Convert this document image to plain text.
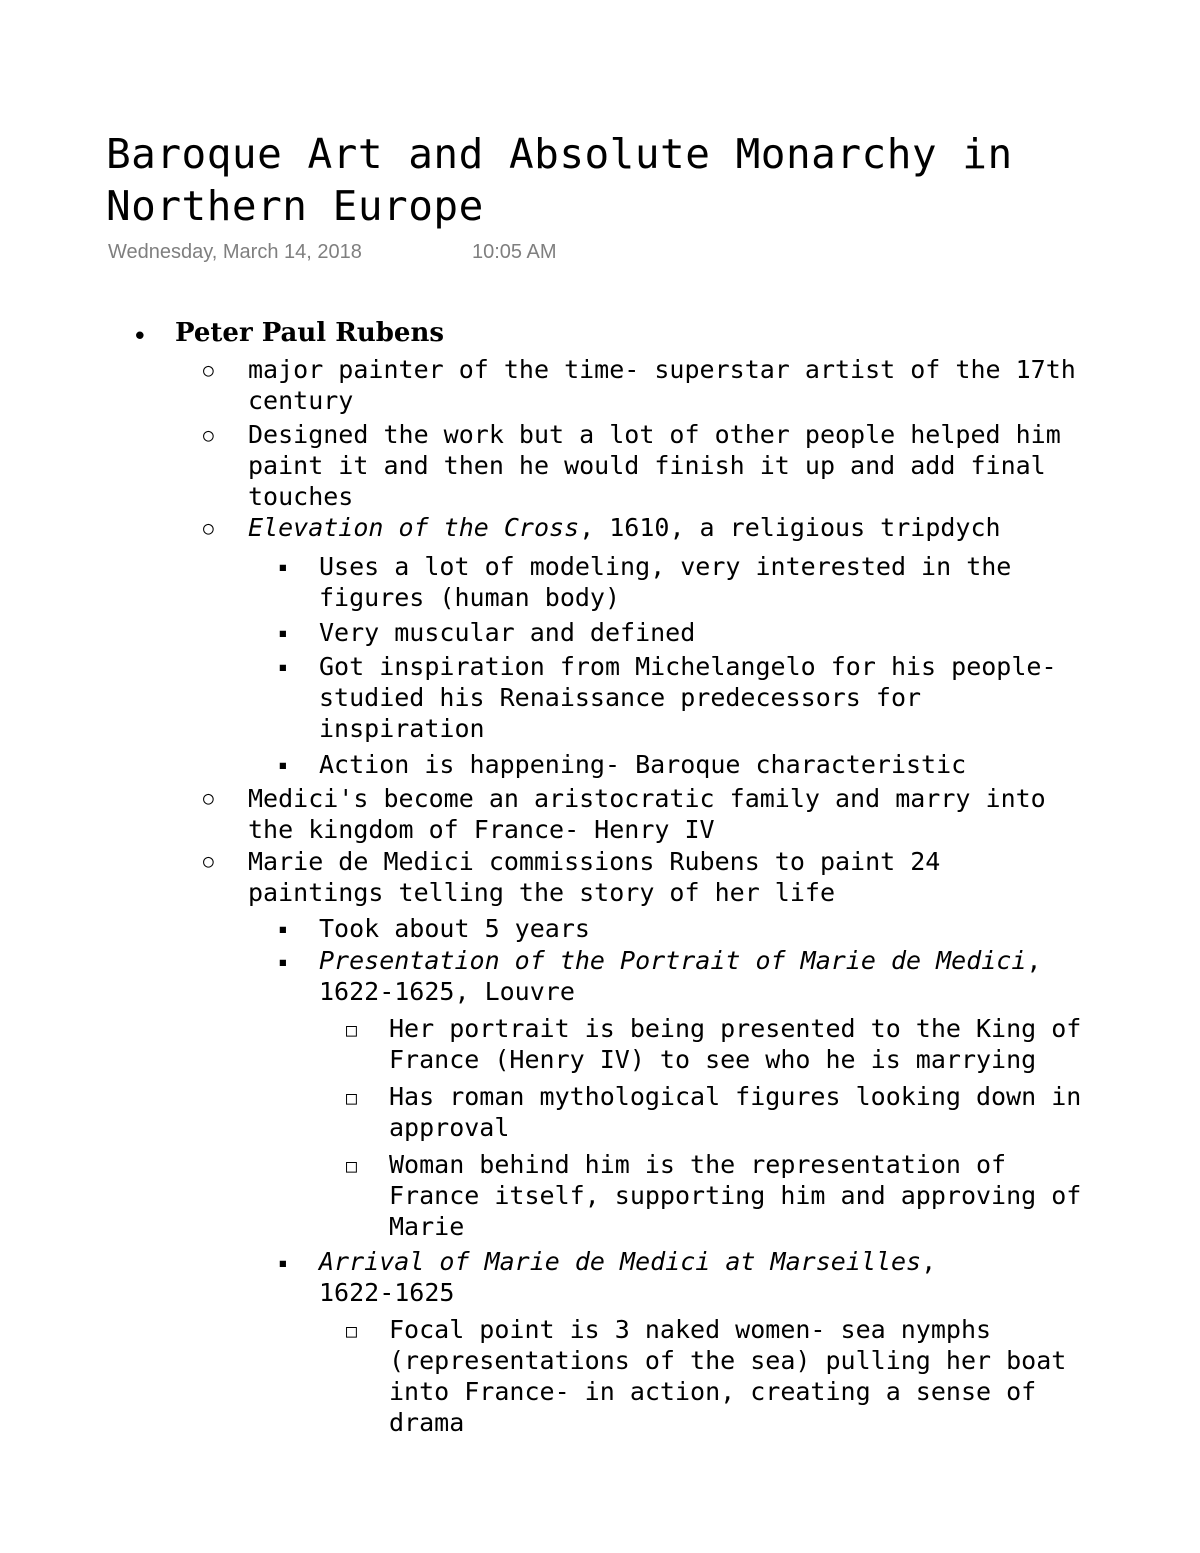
Baroque Art and Absolute Monarchy in
Northern Europe
Wednesday, March 14, 2018	10:05 AM
• Peter Paul Rubens
○ major painter of the time- superstar artist of the 17th
century
○ Designed the work but a lot of other people helped him
paint it and then he would finish it up and add final
touches
○ Elevation of the Cross, 1610, a religious tripdych
▪ Uses a lot of modeling, very interested in the
figures (human body)
▪ Very muscular and defined
▪ Got inspiration from Michelangelo for his people-
studied his Renaissance predecessors for
inspiration
▪ Action is happening- Baroque characteristic
○ Medici's become an aristocratic family and marry into
the kingdom of France- Henry IV
○ Marie de Medici commissions Rubens to paint 24
paintings telling the story of her life
▪ Took about 5 years
▪ Presentation of the Portrait of Marie de Medici,
1622-1625, Louvre
□ Her portrait is being presented to the King of
France (Henry IV) to see who he is marrying
□ Has roman mythological figures looking down in
approval
□ Woman behind him is the representation of
France itself, supporting him and approving of
Marie
▪ Arrival of Marie de Medici at Marseilles,
1622-1625
□ Focal point is 3 naked women- sea nymphs
(representations of the sea) pulling her boat
into France- in action, creating a sense of
drama
